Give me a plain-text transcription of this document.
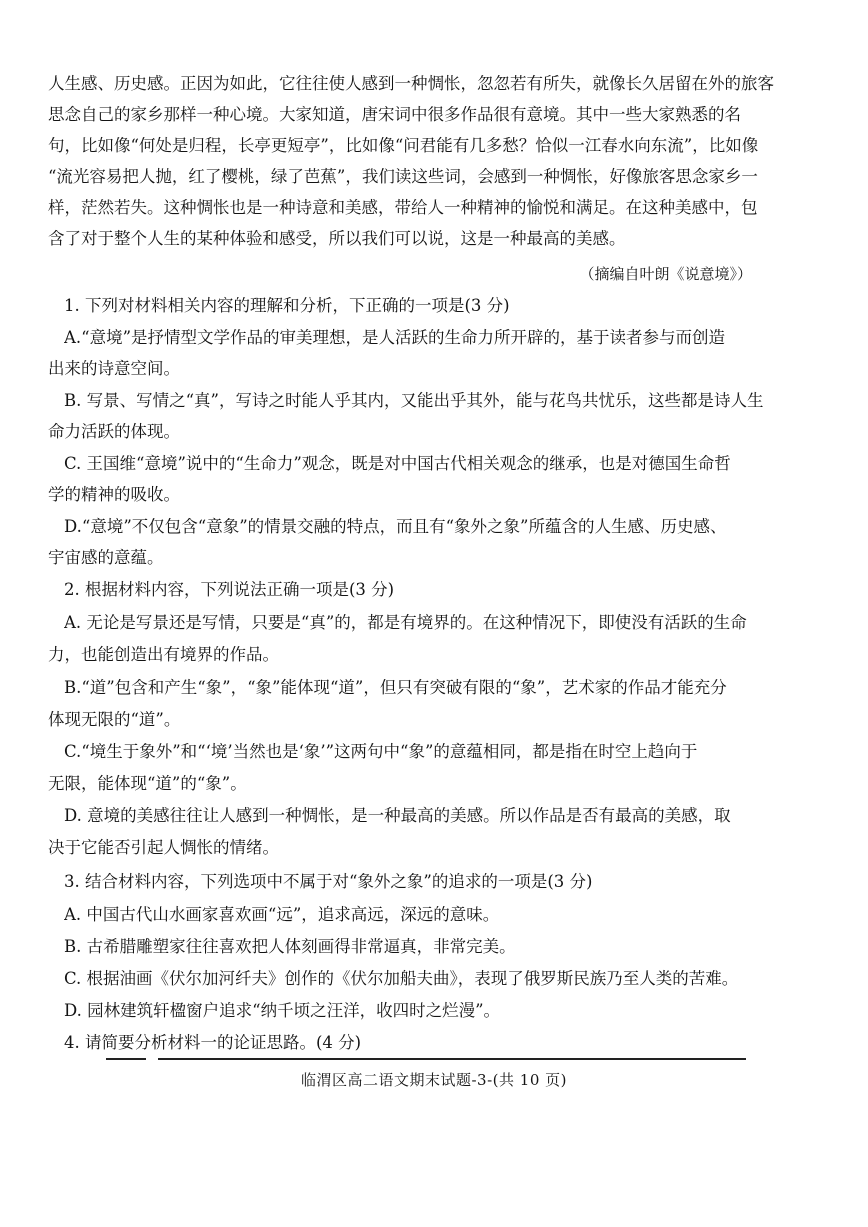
人生感、历史感。正因为如此，它往往使人感到一种惆怅，忽忽若有所失，就像长久居留在外的旅客
思念自己的家乡那样一种心境。大家知道，唐宋词中很多作品很有意境。其中一些大家熟悉的名
句，比如像“何处是归程，长亭更短亭”，比如像“问君能有几多愁？恰似一江春水向东流”，比如像
“流光容易把人抛，红了樱桃，绿了芭蕉”，我们读这些词，会感到一种惆怅，好像旅客思念家乡一
样，茫然若失。这种惆怅也是一种诗意和美感，带给人一种精神的愉悦和满足。在这种美感中，包
含了对于整个人生的某种体验和感受，所以我们可以说，这是一种最高的美感。
（摘编自叶朗《说意境》）
1. 下列对材料相关内容的理解和分析，下正确的一项是(3 分)
A.“意境”是抒情型文学作品的审美理想，是人活跃的生命力所开辟的，基于读者参与而创造
出来的诗意空间。
B. 写景、写情之“真”，写诗之时能人乎其内，又能出乎其外，能与花鸟共忧乐，这些都是诗人生
命力活跃的体现。
C. 王国维“意境”说中的“生命力”观念，既是对中国古代相关观念的继承，也是对德国生命哲
学的精神的吸收。
D.“意境”不仅包含“意象”的情景交融的特点，而且有“象外之象”所蕴含的人生感、历史感、
宇宙感的意蕴。
2. 根据材料内容，下列说法正确一项是(3 分)
A. 无论是写景还是写情，只要是“真”的，都是有境界的。在这种情况下，即使没有活跃的生命
力，也能创造出有境界的作品。
B.“道”包含和产生“象”，“象”能体现“道”，但只有突破有限的“象”，艺术家的作品才能充分
体现无限的“道”。
C.“境生于象外”和“‘境’当然也是‘象’”这两句中“象”的意蕴相同，都是指在时空上趋向于
无限，能体现“道”的“象”。
D. 意境的美感往往让人感到一种惆怅，是一种最高的美感。所以作品是否有最高的美感，取
决于它能否引起人惆怅的情绪。
3. 结合材料内容，下列选项中不属于对“象外之象”的追求的一项是(3 分)
A. 中国古代山水画家喜欢画“远”，追求高远，深远的意味。
B. 古希腊雕塑家往往喜欢把人体刻画得非常逼真，非常完美。
C. 根据油画《伏尔加河纤夫》创作的《伏尔加船夫曲》，表现了俄罗斯民族乃至人类的苦难。
D. 园林建筑轩楹窗户追求“纳千顷之汪洋，收四时之烂漫”。
4. 请简要分析材料一的论证思路。(4 分)
临渭区高二语文期末试题-3-(共 10 页)
